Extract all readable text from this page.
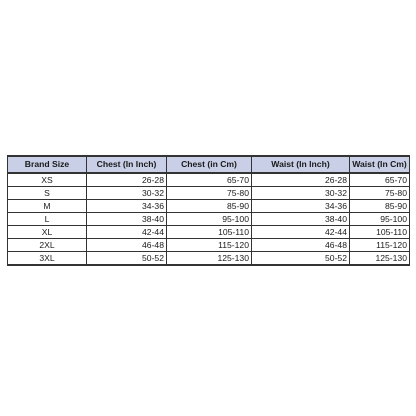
Brand Size	Chest (In Inch)	Chest (in Cm)	Waist (In Inch)	Waist (In Cm)
XS	26-28	65-70	26-28	65-70
S	30-32	75-80	30-32	75-80
M	34-36	85-90	34-36	85-90
L	38-40	95-100	38-40	95-100
XL	42-44	105-110	42-44	105-110
2XL	46-48	115-120	46-48	115-120
3XL	50-52	125-130	50-52	125-130
